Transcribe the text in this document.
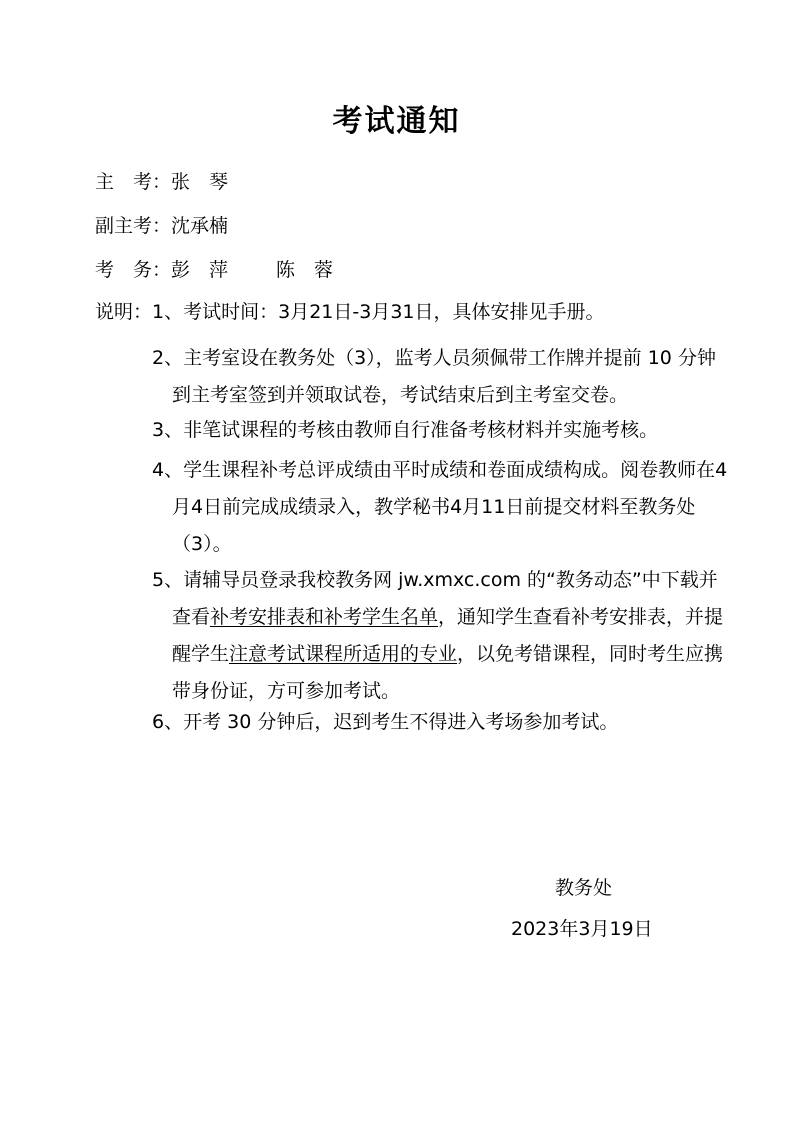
考试通知
主　考：张　琴
副主考：沈承楠
考　务：彭　萍	陈　蓉
说明：1、考试时间：3月21日-3月31日，具体安排见手册。
2、主考室设在教务处（3），监考人员须佩带工作牌并提前 10 分钟到主考室签到并领取试卷，考试结束后到主考室交卷。
3、非笔试课程的考核由教师自行准备考核材料并实施考核。
4、学生课程补考总评成绩由平时成绩和卷面成绩构成。阅卷教师在4月4日前完成成绩录入，教学秘书4月11日前提交材料至教务处（3）。
5、请辅导员登录我校教务网 jw.xmxc.com 的“教务动态”中下载并查看补考安排表和补考学生名单，通知学生查看补考安排表，并提醒学生注意考试课程所适用的专业，以免考错课程，同时考生应携带身份证，方可参加考试。
6、开考 30 分钟后，迟到考生不得进入考场参加考试。
教务处
2023年3月19日
